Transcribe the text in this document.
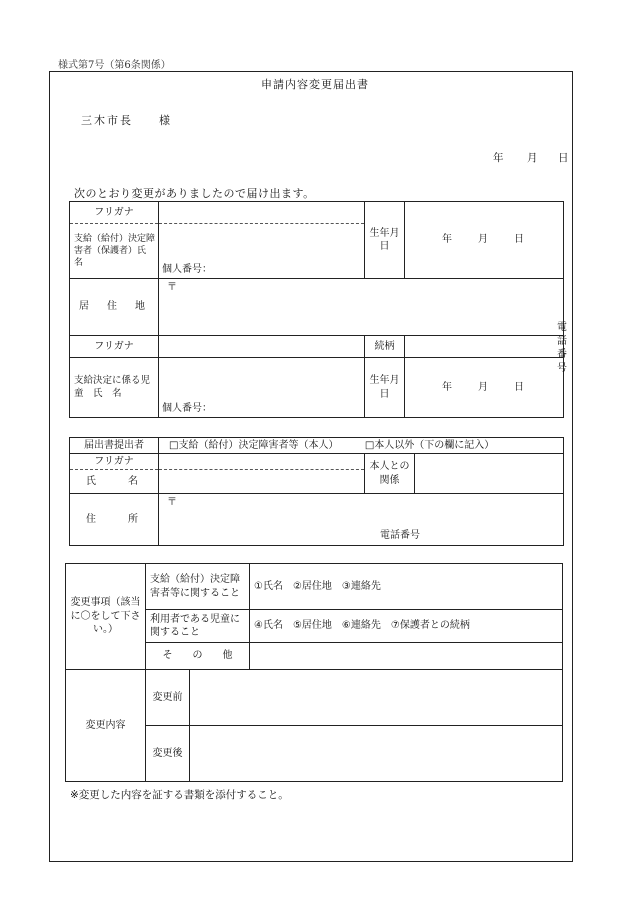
様式第7号（第6条関係）
申請内容変更届出書
三木市長　　様
年 月 日
次のとおり変更がありましたので届け出ます。
フリガナ		生年月日	年　　月　　日
支給（給付）決定障害者（保護者）氏　　　名	個人番号：		
居　住　地	〒
電話番号		

フリガナ		続柄	
支給決定に係る児　童　氏　名	個人番号：	生年月日	年　　月　　日
届出書提出者	□支給（給付）決定障害者等（本人） □本人以外（下の欄に記入）		
フリガナ		本人との関係	
氏　　名			
住　　所	〒
電話番号		
変更事項（該当に〇をして下さい。）	支給（給付）決定障害者等に関すること		①氏名　②居住地　③連絡先
	利用者である児童に関すること		④氏名　⑤居住地　⑥連絡先　⑦保護者との続柄
	そ　　の　　他		
変更内容	変更前		
	変更後		
※変更した内容を証する書類を添付すること。
